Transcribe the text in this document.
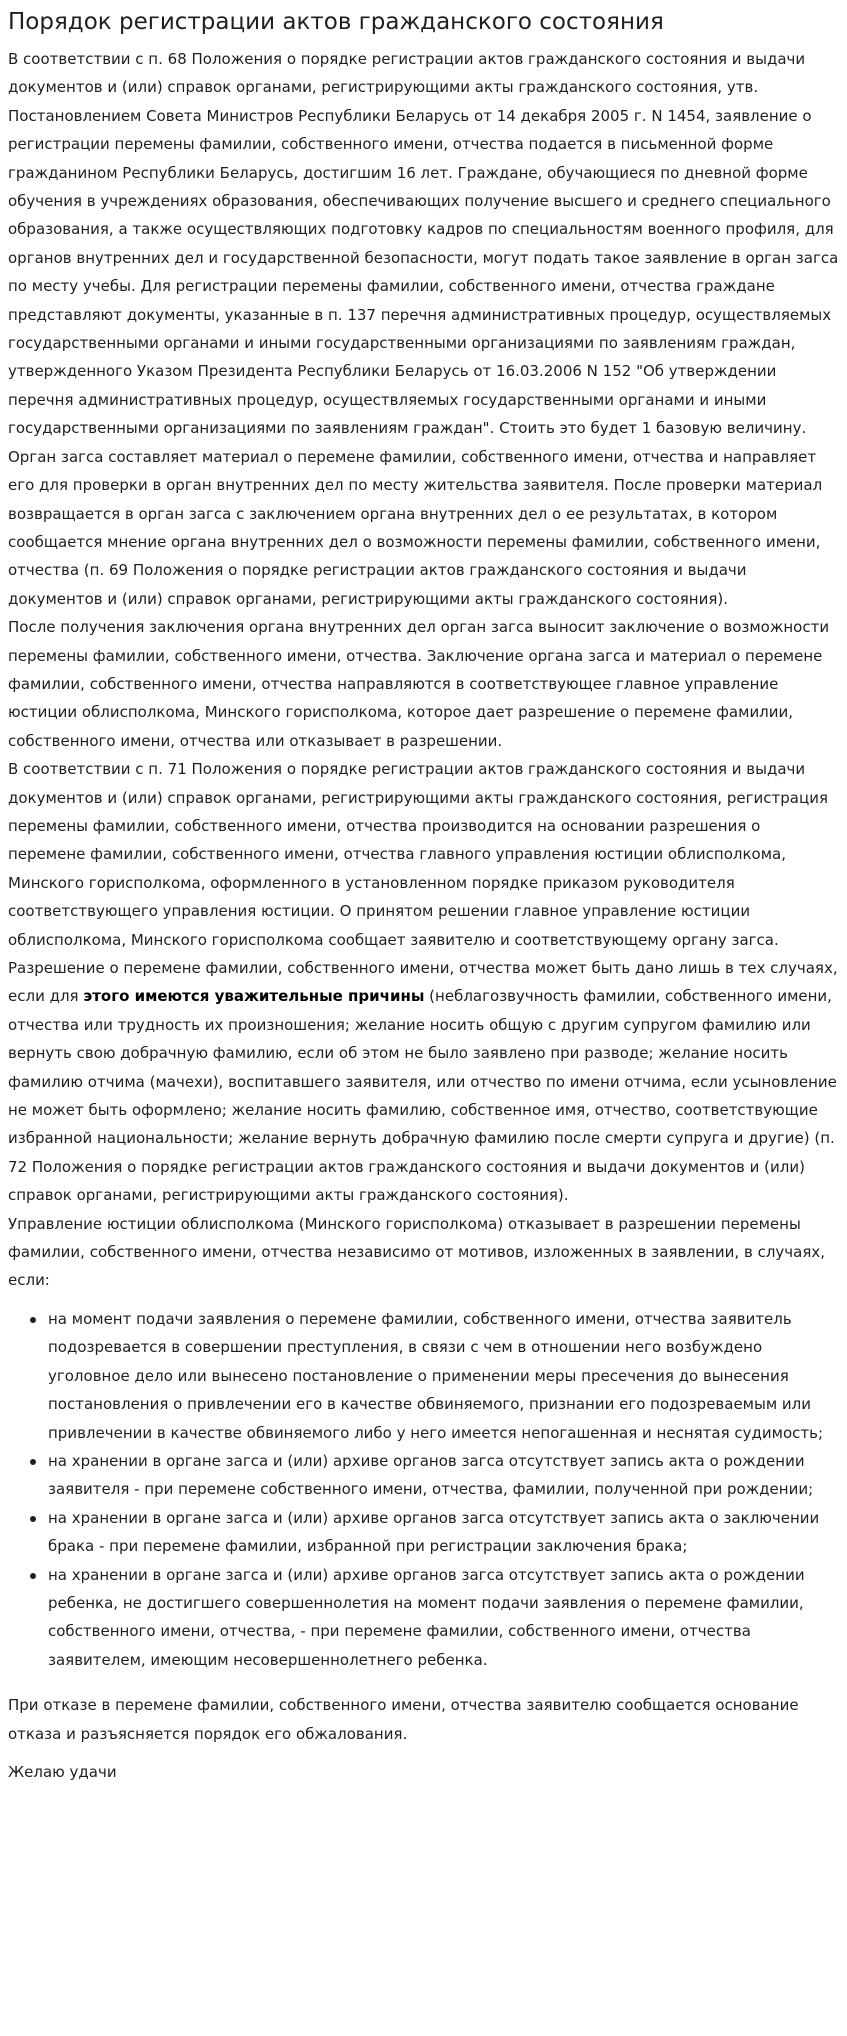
Порядок регистрации актов гражданского состояния

В соответствии с п. 68 Положения о порядке регистрации актов гражданского состояния и выдачи документов и (или) справок органами, регистрирующими акты гражданского состояния, утв. Постановлением Совета Министров Республики Беларусь от 14 декабря 2005 г. N 1454, заявление о регистрации перемены фамилии, собственного имени, отчества подается в письменной форме гражданином Республики Беларусь, достигшим 16 лет. Граждане, обучающиеся по дневной форме обучения в учреждениях образования, обеспечивающих получение высшего и среднего специального образования, а также осуществляющих подготовку кадров по специальностям военного профиля, для органов внутренних дел и государственной безопасности, могут подать такое заявление в орган загса по месту учебы. Для регистрации перемены фамилии, собственного имени, отчества граждане представляют документы, указанные в п. 137 перечня административных процедур, осуществляемых государственными органами и иными государственными организациями по заявлениям граждан, утвержденного Указом Президента Республики Беларусь от 16.03.2006 N 152 "Об утверждении перечня административных процедур, осуществляемых государственными органами и иными государственными организациями по заявлениям граждан". Стоить это будет 1 базовую величину.

Орган загса составляет материал о перемене фамилии, собственного имени, отчества и направляет его для проверки в орган внутренних дел по месту жительства заявителя. После проверки материал возвращается в орган загса с заключением органа внутренних дел о ее результатах, в котором сообщается мнение органа внутренних дел о возможности перемены фамилии, собственного имени, отчества (п. 69 Положения о порядке регистрации актов гражданского состояния и выдачи документов и (или) справок органами, регистрирующими акты гражданского состояния).

После получения заключения органа внутренних дел орган загса выносит заключение о возможности перемены фамилии, собственного имени, отчества. Заключение органа загса и материал о перемене фамилии, собственного имени, отчества направляются в соответствующее главное управление юстиции облисполкома, Минского горисполкома, которое дает разрешение о перемене фамилии, собственного имени, отчества или отказывает в разрешении.

В соответствии с п. 71 Положения о порядке регистрации актов гражданского состояния и выдачи документов и (или) справок органами, регистрирующими акты гражданского состояния, регистрация перемены фамилии, собственного имени, отчества производится на основании разрешения о перемене фамилии, собственного имени, отчества главного управления юстиции облисполкома, Минского горисполкома, оформленного в установленном порядке приказом руководителя соответствующего управления юстиции. О принятом решении главное управление юстиции облисполкома, Минского горисполкома сообщает заявителю и соответствующему органу загса.

Разрешение о перемене фамилии, собственного имени, отчества может быть дано лишь в тех случаях, если для этого имеются уважительные причины (неблагозвучность фамилии, собственного имени, отчества или трудность их произношения; желание носить общую с другим супругом фамилию или вернуть свою добрачную фамилию, если об этом не было заявлено при разводе; желание носить фамилию отчима (мачехи), воспитавшего заявителя, или отчество по имени отчима, если усыновление не может быть оформлено; желание носить фамилию, собственное имя, отчество, соответствующие избранной национальности; желание вернуть добрачную фамилию после смерти супруга и другие) (п. 72 Положения о порядке регистрации актов гражданского состояния и выдачи документов и (или) справок органами, регистрирующими акты гражданского состояния).

Управление юстиции облисполкома (Минского горисполкома) отказывает в разрешении перемены фамилии, собственного имени, отчества независимо от мотивов, изложенных в заявлении, в случаях, если:

на момент подачи заявления о перемене фамилии, собственного имени, отчества заявитель подозревается в совершении преступления, в связи с чем в отношении него возбуждено уголовное дело или вынесено постановление о применении меры пресечения до вынесения постановления о привлечении его в качестве обвиняемого, признании его подозреваемым или привлечении в качестве обвиняемого либо у него имеется непогашенная и неснятая судимость;
на хранении в органе загса и (или) архиве органов загса отсутствует запись акта о рождении заявителя - при перемене собственного имени, отчества, фамилии, полученной при рождении;
на хранении в органе загса и (или) архиве органов загса отсутствует запись акта о заключении брака - при перемене фамилии, избранной при регистрации заключения брака;
на хранении в органе загса и (или) архиве органов загса отсутствует запись акта о рождении ребенка, не достигшего совершеннолетия на момент подачи заявления о перемене фамилии, собственного имени, отчества, - при перемене фамилии, собственного имени, отчества заявителем, имеющим несовершеннолетнего ребенка.

При отказе в перемене фамилии, собственного имени, отчества заявителю сообщается основание отказа и разъясняется порядок его обжалования.

Желаю удачи
